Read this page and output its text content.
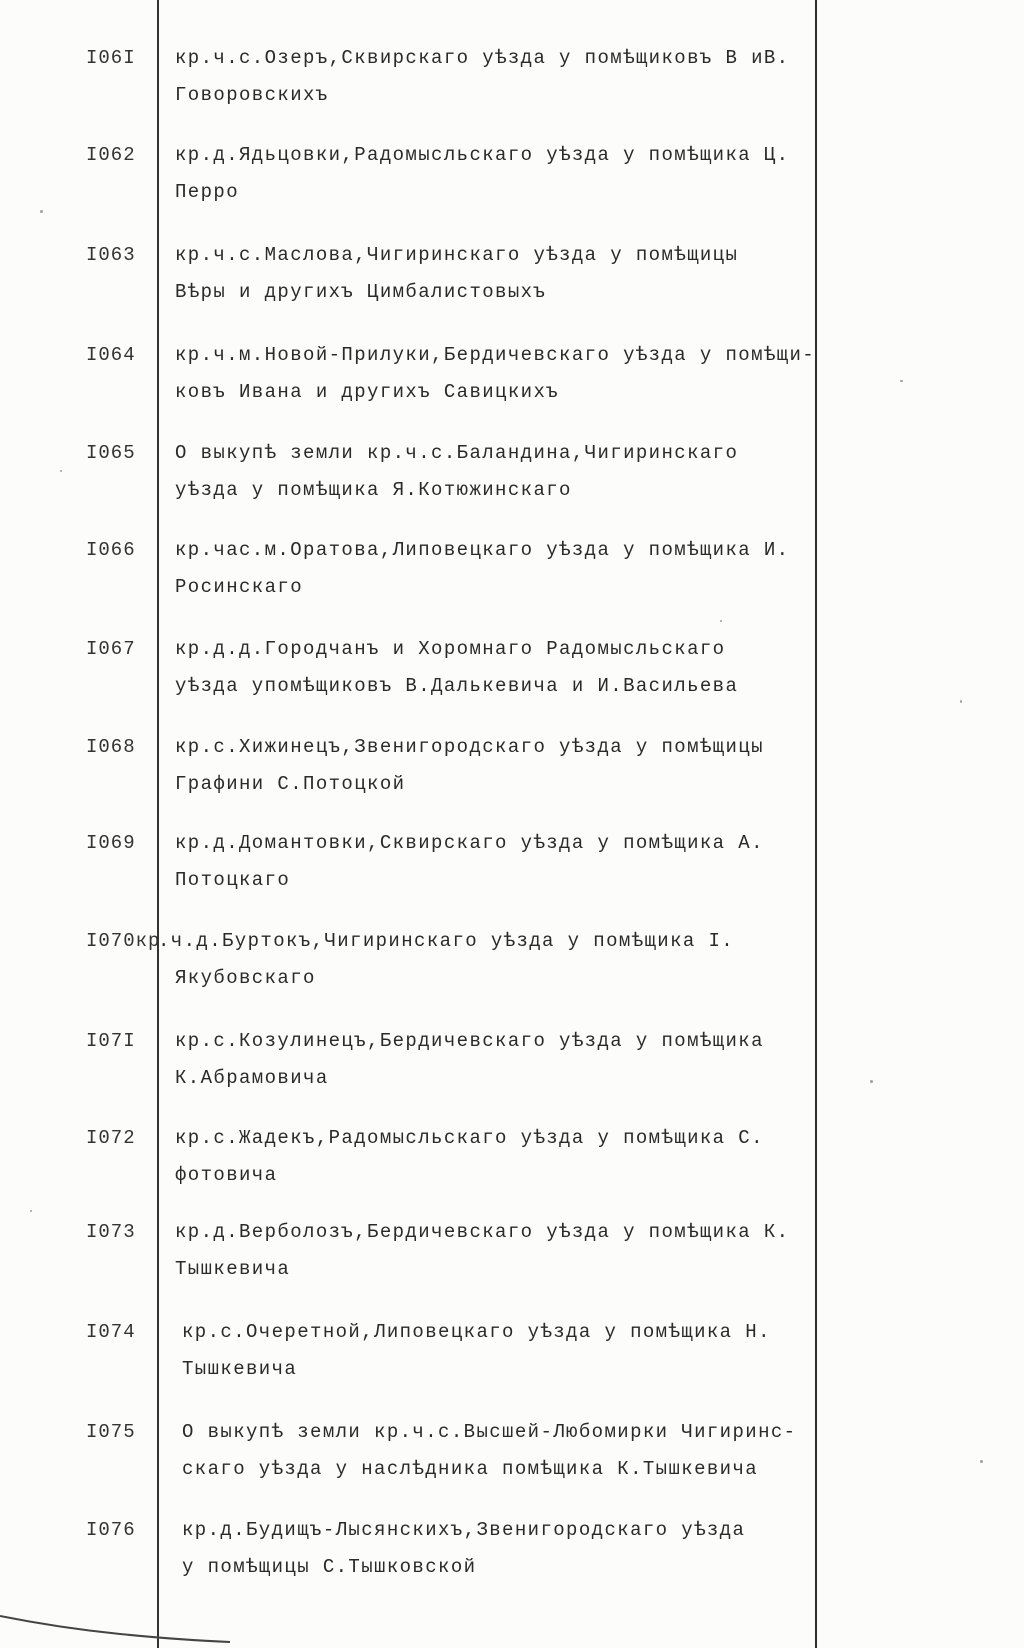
I06I кр.ч.с.Озеръ,Сквирскаго уѣзда у помѣщиковъ В иВ.
Говоровскихъ
I062 кр.д.Ядьцовки,Радомысльскаго уѣзда у помѣщика Ц.
Перро
I063 кр.ч.с.Маслова,Чигиринскаго уѣзда у помѣщицы
Вѣры и другихъ Цимбалистовыхъ
I064 кр.ч.м.Новой-Прилуки,Бердичевскаго уѣзда у помѣщи-
ковъ Ивана и другихъ Савицкихъ
I065 О выкупѣ земли кр.ч.с.Баландина,Чигиринскаго
уѣзда у помѣщика Я.Котюжинскаго
I066 кр.час.м.Оратова,Липовецкаго уѣзда у помѣщика И.
Росинскаго
I067 кр.д.д.Городчанъ и Хоромнаго Радомысльскаго
уѣзда упомѣщиковъ В.Далькевича и И.Васильева
I068 кр.с.Хижинецъ,Звенигородскаго уѣзда у помѣщицы
Графини С.Потоцкой
I069 кр.д.Домантовки,Сквирскаго уѣзда у помѣщика А.
Потоцкаго
I070кр
.ч.д.Буртокъ,Чигиринскаго уѣзда у помѣщика I.
Якубовскаго
I07I кр.с.Козулинецъ,Бердичевскаго уѣзда у помѣщика
К.Абрамовича
I072 кр.с.Жадекъ,Радомысльскаго уѣзда у помѣщика С.
фотовича
I073 кр.д.Верболозъ,Бердичевскаго уѣзда у помѣщика К.
Тышкевича
I074 кр.с.Очеретной,Липовецкаго уѣзда у помѣщика Н.
Тышкевича
I075 О выкупѣ земли кр.ч.с.Высшей-Любомирки Чигиринс-
скаго уѣзда у наслѣдника помѣщика К.Тышкевича
I076 кр.д.Будищъ-Лысянскихъ,Звенигородскаго уѣзда
у помѣщицы С.Тышковской
